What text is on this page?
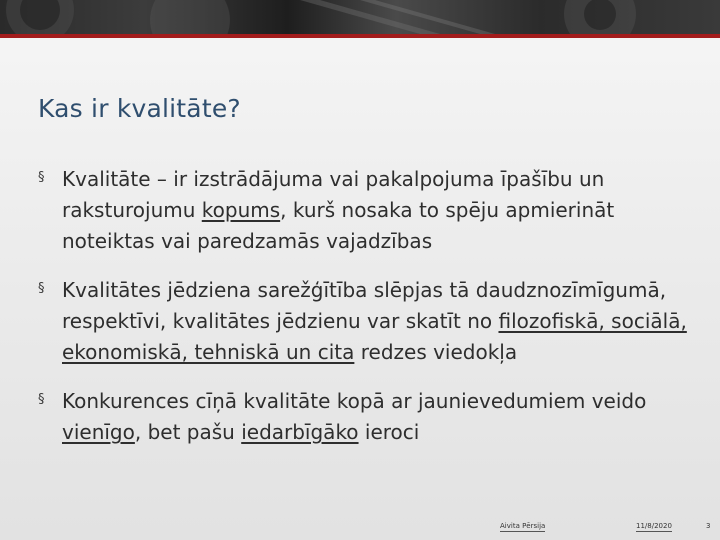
Kas ir kvalitāte?
§ Kvalitāte – ir izstrādājuma vai pakalpojuma īpašību un raksturojumu kopums, kurš nosaka to spēju apmierināt noteiktas vai paredzamās vajadzības
§ Kvalitātes jēdziena sarežģītība slēpjas tā daudznozīmīgumā, respektīvi, kvalitātes jēdzienu var skatīt no filozofiskā, sociālā, ekonomiskā, tehniskā un cita redzes viedokļa
§ Konkurences cīņā kvalitāte kopā ar jaunievedumiem veido vienīgo, bet pašu iedarbīgāko ieroci
Aivita Pērsija	11/8/2020	3
